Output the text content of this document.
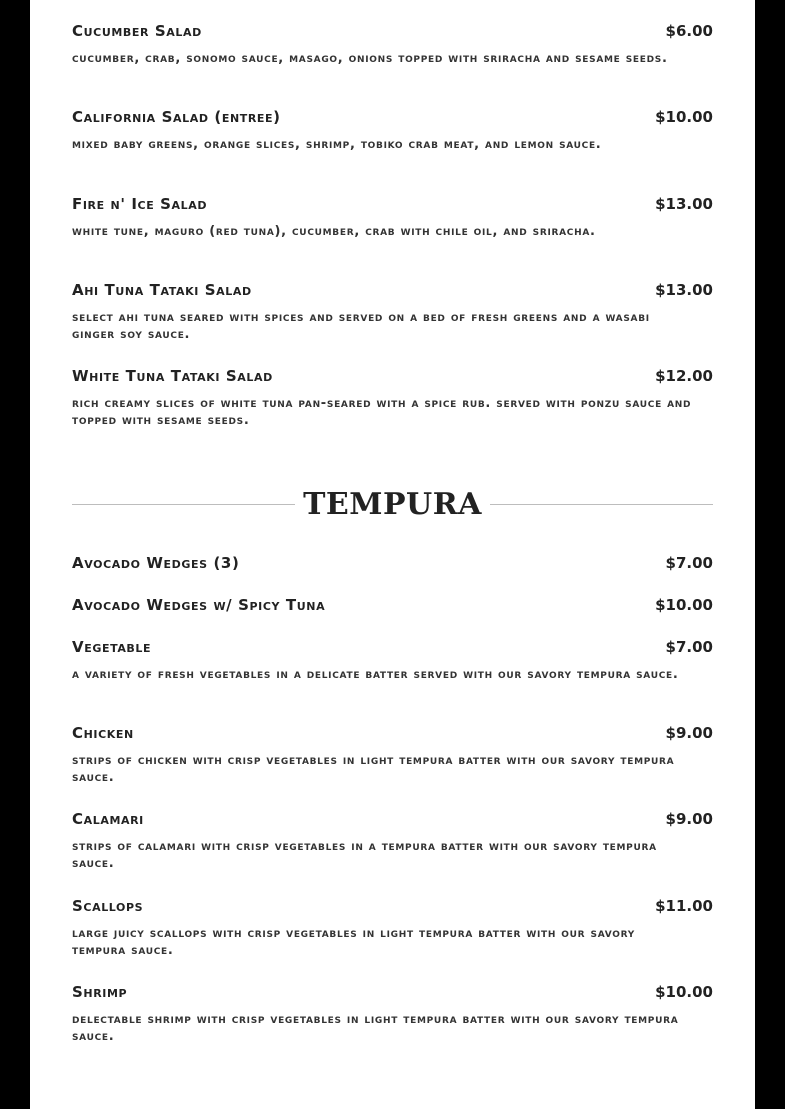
Cucumber Salad	$6.00
cucumber, crab, sonomo sauce, masago, onions topped with sriracha and sesame seeds.
California Salad (entree)	$10.00
mixed baby greens, orange slices, shrimp, tobiko crab meat, and lemon sauce.
Fire n' Ice Salad	$13.00
white tune, maguro (red tuna), cucumber, crab with chile oil, and sriracha.
Ahi Tuna Tataki Salad	$13.00
select ahi tuna seared with spices and served on a bed of fresh greens and a wasabi ginger soy sauce.
White Tuna Tataki Salad	$12.00
rich creamy slices of white tuna pan-seared with a spice rub. served with ponzu sauce and topped with sesame seeds.
TEMPURA
Avocado Wedges (3)	$7.00
Avocado Wedges w/ Spicy Tuna	$10.00
Vegetable	$7.00
a variety of fresh vegetables in a delicate batter served with our savory tempura sauce.
Chicken	$9.00
strips of chicken with crisp vegetables in light tempura batter with our savory tempura sauce.
Calamari	$9.00
strips of calamari with crisp vegetables in a tempura batter with our savory tempura sauce.
Scallops	$11.00
large juicy scallops with crisp vegetables in light tempura batter with our savory tempura sauce.
Shrimp	$10.00
delectable shrimp with crisp vegetables in light tempura batter with our savory tempura sauce.
